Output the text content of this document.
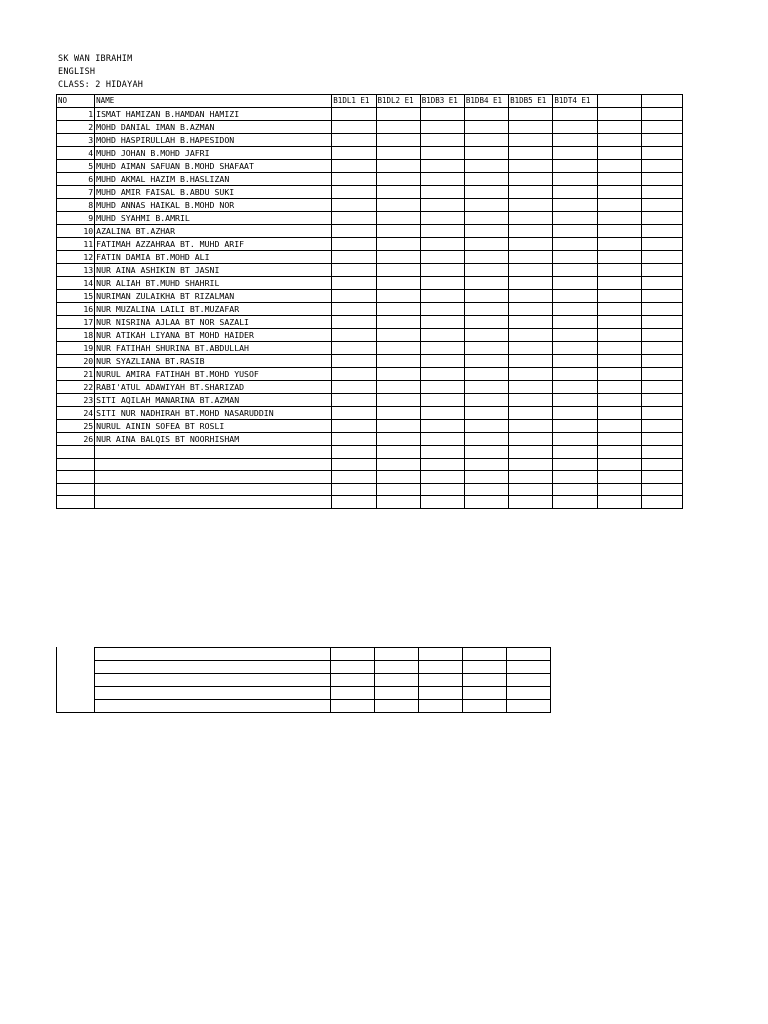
SK WAN IBRAHIM
ENGLISH
CLASS: 2 HIDAYAH
NO	NAME	B1DL1 E1	B1DL2 E1	B1DB3 E1	B1DB4 E1	B1DB5 E1	B1DT4 E1		
1	ISMAT HAMIZAN B.HAMDAN HAMIZI								
2	MOHD DANIAL IMAN B.AZMAN								
3	MOHD HASPIRULLAH B.HAPESIDON								
4	MUHD JOHAN B.MOHD JAFRI								
5	MUHD AIMAN SAFUAN B.MOHD SHAFAAT								
6	MUHD AKMAL HAZIM B.HASLIZAN								
7	MUHD AMIR FAISAL B.ABDU SUKI								
8	MUHD ANNAS HAIKAL B.MOHD NOR								
9	MUHD SYAHMI B.AMRIL								
10	AZALINA BT.AZHAR								
11	FATIMAH AZZAHRAA BT. MUHD ARIF								
12	FATIN DAMIA BT.MOHD ALI								
13	NUR AINA ASHIKIN BT JASNI								
14	NUR ALIAH BT.MUHD SHAHRIL								
15	NURIMAN ZULAIKHA BT RIZALMAN								
16	NUR MUZALINA LAILI BT.MUZAFAR								
17	NUR NISRINA AJLAA BT NOR SAZALI								
18	NUR ATIKAH LIYANA BT MOHD HAIDER								
19	NUR FATIHAH SHURINA BT.ABDULLAH								
20	NUR SYAZLIANA BT.RASIB								
21	NURUL AMIRA FATIHAH BT.MOHD YUSOF								
22	RABI'ATUL ADAWIYAH BT.SHARIZAD								
23	SITI AQILAH MANARINA BT.AZMAN								
24	SITI NUR NADHIRAH BT.MOHD NASARUDDIN								
25	NURUL AININ SOFEA BT ROSLI								
26	NUR AINA BALQIS BT NOORHISHAM								
